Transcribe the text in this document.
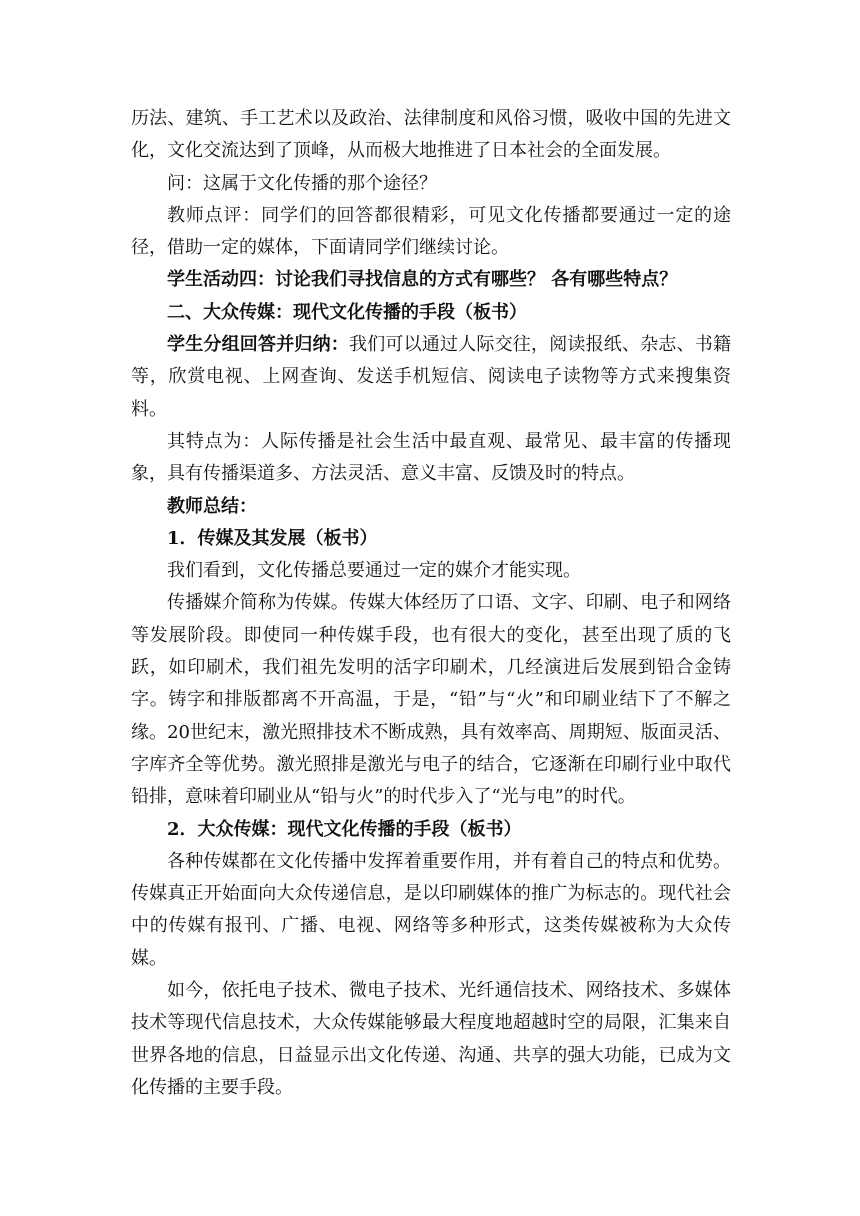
历法、建筑、手工艺术以及政治、法律制度和风俗习惯，吸收中国的先进文化，文化交流达到了顶峰，从而极大地推进了日本社会的全面发展。

问：这属于文化传播的那个途径？

教师点评：同学们的回答都很精彩，可见文化传播都要通过一定的途径，借助一定的媒体，下面请同学们继续讨论。

学生活动四：讨论我们寻找信息的方式有哪些？ 各有哪些特点？

二、大众传媒：现代文化传播的手段（板书）

学生分组回答并归纳：我们可以通过人际交往，阅读报纸、杂志、书籍等，欣赏电视、上网查询、发送手机短信、阅读电子读物等方式来搜集资料。

其特点为：人际传播是社会生活中最直观、最常见、最丰富的传播现象，具有传播渠道多、方法灵活、意义丰富、反馈及时的特点。

教师总结：

1．传媒及其发展（板书）

我们看到，文化传播总要通过一定的媒介才能实现。

传播媒介简称为传媒。传媒大体经历了口语、文字、印刷、电子和网络等发展阶段。即使同一种传媒手段，也有很大的变化，甚至出现了质的飞跃，如印刷术，我们祖先发明的活字印刷术，几经演进后发展到铅合金铸字。铸字和排版都离不开高温，于是，“铅”与“火”和印刷业结下了不解之缘。20世纪末，激光照排技术不断成熟，具有效率高、周期短、版面灵活、字库齐全等优势。激光照排是激光与电子的结合，它逐渐在印刷行业中取代铅排，意味着印刷业从“铅与火”的时代步入了“光与电”的时代。

2．大众传媒：现代文化传播的手段（板书）

各种传媒都在文化传播中发挥着重要作用，并有着自己的特点和优势。传媒真正开始面向大众传递信息，是以印刷媒体的推广为标志的。现代社会中的传媒有报刊、广播、电视、网络等多种形式，这类传媒被称为大众传媒。

如今，依托电子技术、微电子技术、光纤通信技术、网络技术、多媒体技术等现代信息技术，大众传媒能够最大程度地超越时空的局限，汇集来自世界各地的信息，日益显示出文化传递、沟通、共享的强大功能，已成为文化传播的主要手段。
